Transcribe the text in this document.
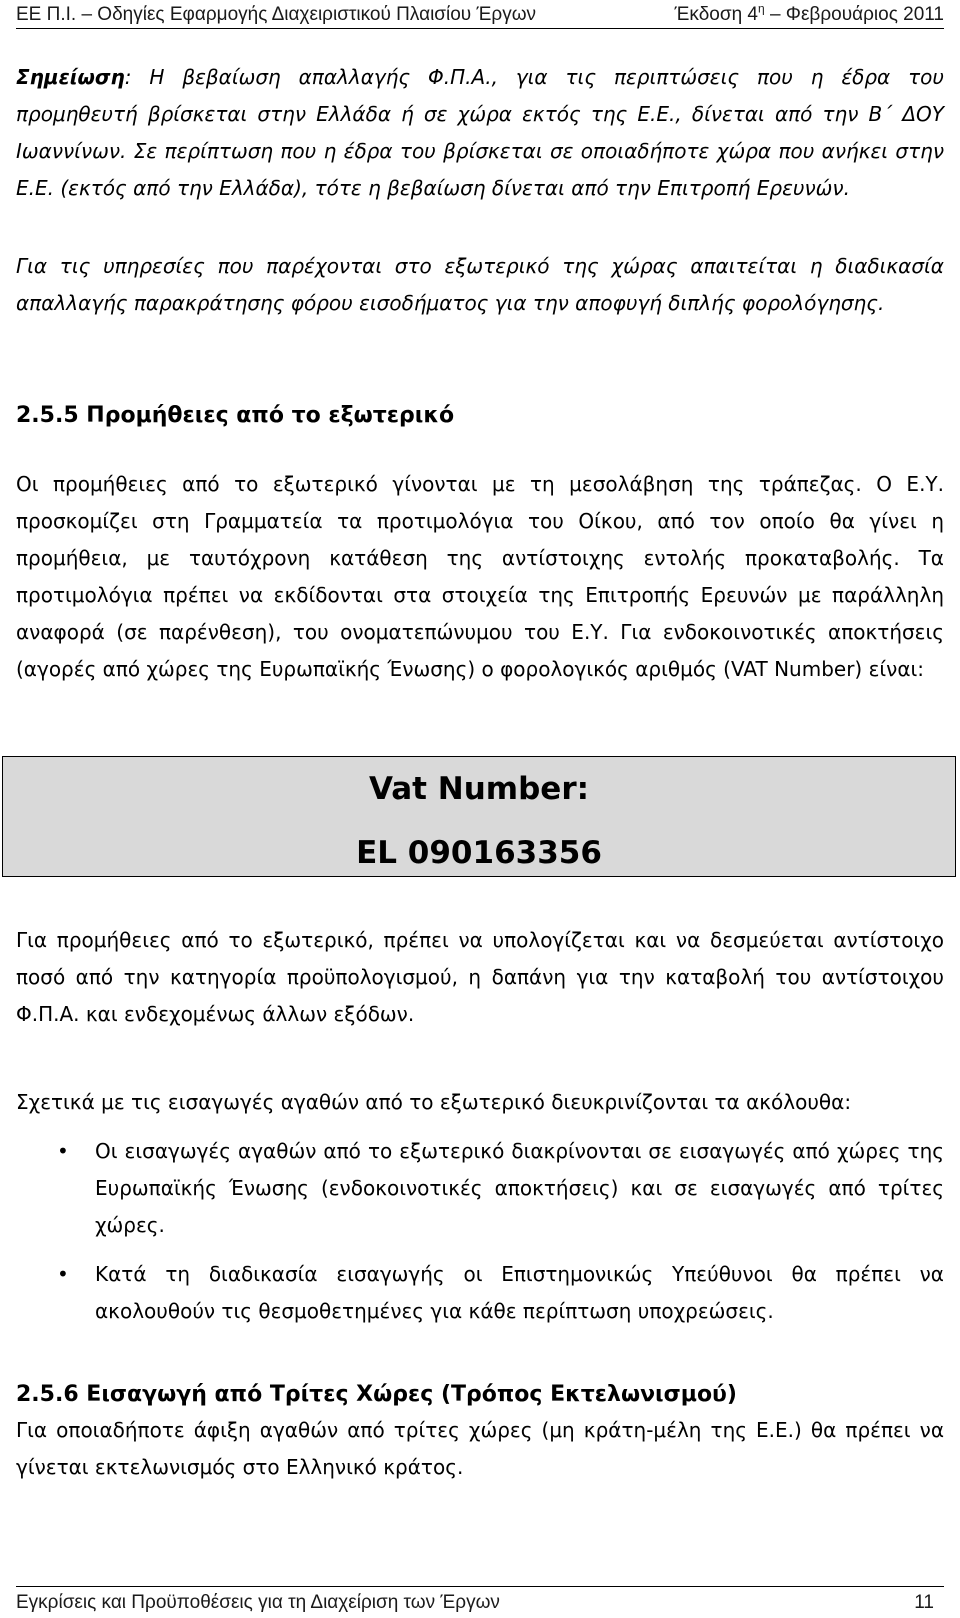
ΕΕ Π.Ι. – Οδηγίες Εφαρμογής Διαχειριστικού Πλαισίου Έργων	Έκδοση $4^\eta$ – Φεβρουάριος 2011
Σημείωση: Η βεβαίωση απαλλαγής Φ.Π.Α., για τις περιπτώσεις που η έδρα του προμηθευτή βρίσκεται στην Ελλάδα ή σε χώρα εκτός της Ε.Ε., δίνεται από την Β΄ ΔΟΥ Ιωαννίνων. Σε περίπτωση που η έδρα του βρίσκεται σε οποιαδήποτε χώρα που ανήκει στην Ε.Ε. (εκτός από την Ελλάδα), τότε η βεβαίωση δίνεται από την Επιτροπή Ερευνών.
Για τις υπηρεσίες που παρέχονται στο εξωτερικό της χώρας απαιτείται η διαδικασία απαλλαγής παρακράτησης φόρου εισοδήματος για την αποφυγή διπλής φορολόγησης.
2.5.5 Προμήθειες από το εξωτερικό
Οι προμήθειες από το εξωτερικό γίνονται με τη μεσολάβηση της τράπεζας. Ο Ε.Υ. προσκομίζει στη Γραμματεία τα προτιμολόγια του Οίκου, από τον οποίο θα γίνει η προμήθεια, με ταυτόχρονη κατάθεση της αντίστοιχης εντολής προκαταβολής. Τα προτιμολόγια πρέπει να εκδίδονται στα στοιχεία της Επιτροπής Ερευνών με παράλληλη αναφορά (σε παρένθεση), του ονοματεπώνυμου του Ε.Υ. Για ενδοκοινοτικές αποκτήσεις (αγορές από χώρες της Ευρωπαϊκής Ένωσης) ο φορολογικός αριθμός (VAT Number) είναι:
Vat Number:
EL 090163356
Για προμήθειες από το εξωτερικό, πρέπει να υπολογίζεται και να δεσμεύεται αντίστοιχο ποσό από την κατηγορία προϋπολογισμού, η δαπάνη για την καταβολή του αντίστοιχου Φ.Π.Α. και ενδεχομένως άλλων εξόδων.
Σχετικά με τις εισαγωγές αγαθών από το εξωτερικό διευκρινίζονται τα ακόλουθα:
• Οι εισαγωγές αγαθών από το εξωτερικό διακρίνονται σε εισαγωγές από χώρες της Ευρωπαϊκής Ένωσης (ενδοκοινοτικές αποκτήσεις) και σε εισαγωγές από τρίτες χώρες.
• Κατά τη διαδικασία εισαγωγής οι Επιστημονικώς Υπεύθυνοι θα πρέπει να ακολουθούν τις θεσμοθετημένες για κάθε περίπτωση υποχρεώσεις.
2.5.6 Εισαγωγή από Τρίτες Χώρες (Τρόπος Εκτελωνισμού)
Για οποιαδήποτε άφιξη αγαθών από τρίτες χώρες (μη κράτη-μέλη της Ε.Ε.) θα πρέπει να γίνεται εκτελωνισμός στο Ελληνικό κράτος.
Εγκρίσεις και Προϋποθέσεις για τη Διαχείριση των Έργων	11
